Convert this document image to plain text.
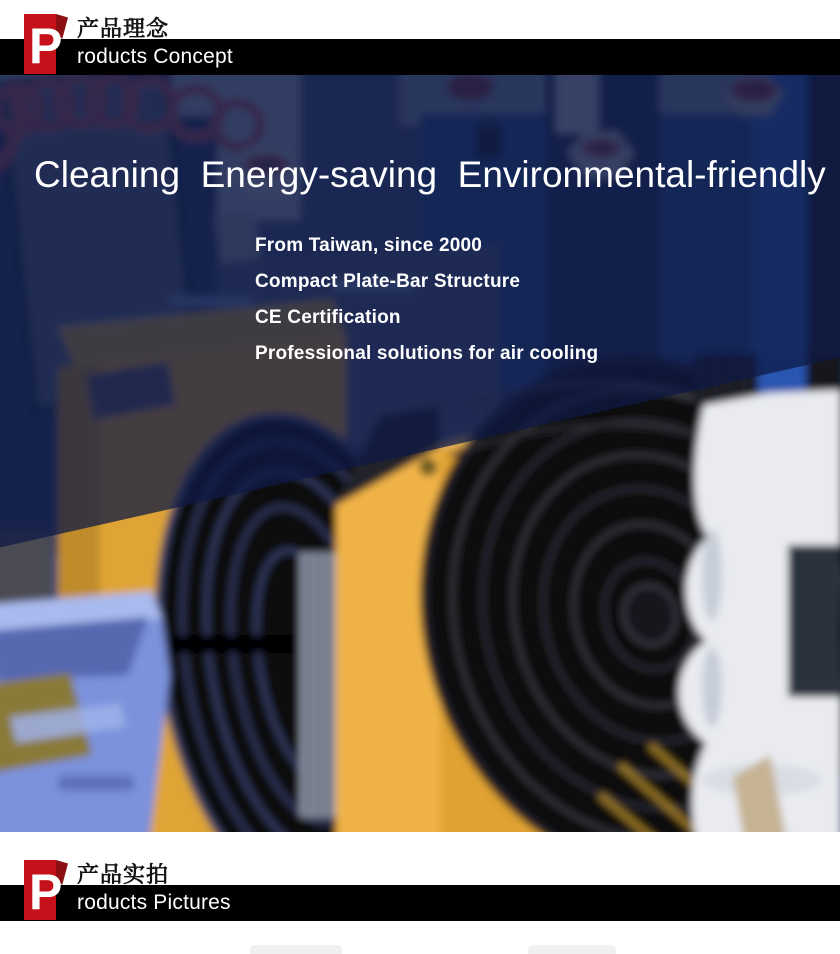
P 产品理念
roducts Concept
Cleaning  Energy-saving  Environmental-friendly
From Taiwan, since 2000
Compact Plate-Bar Structure
CE Certification
Professional solutions for air cooling
P 产品实拍
roducts Pictures
